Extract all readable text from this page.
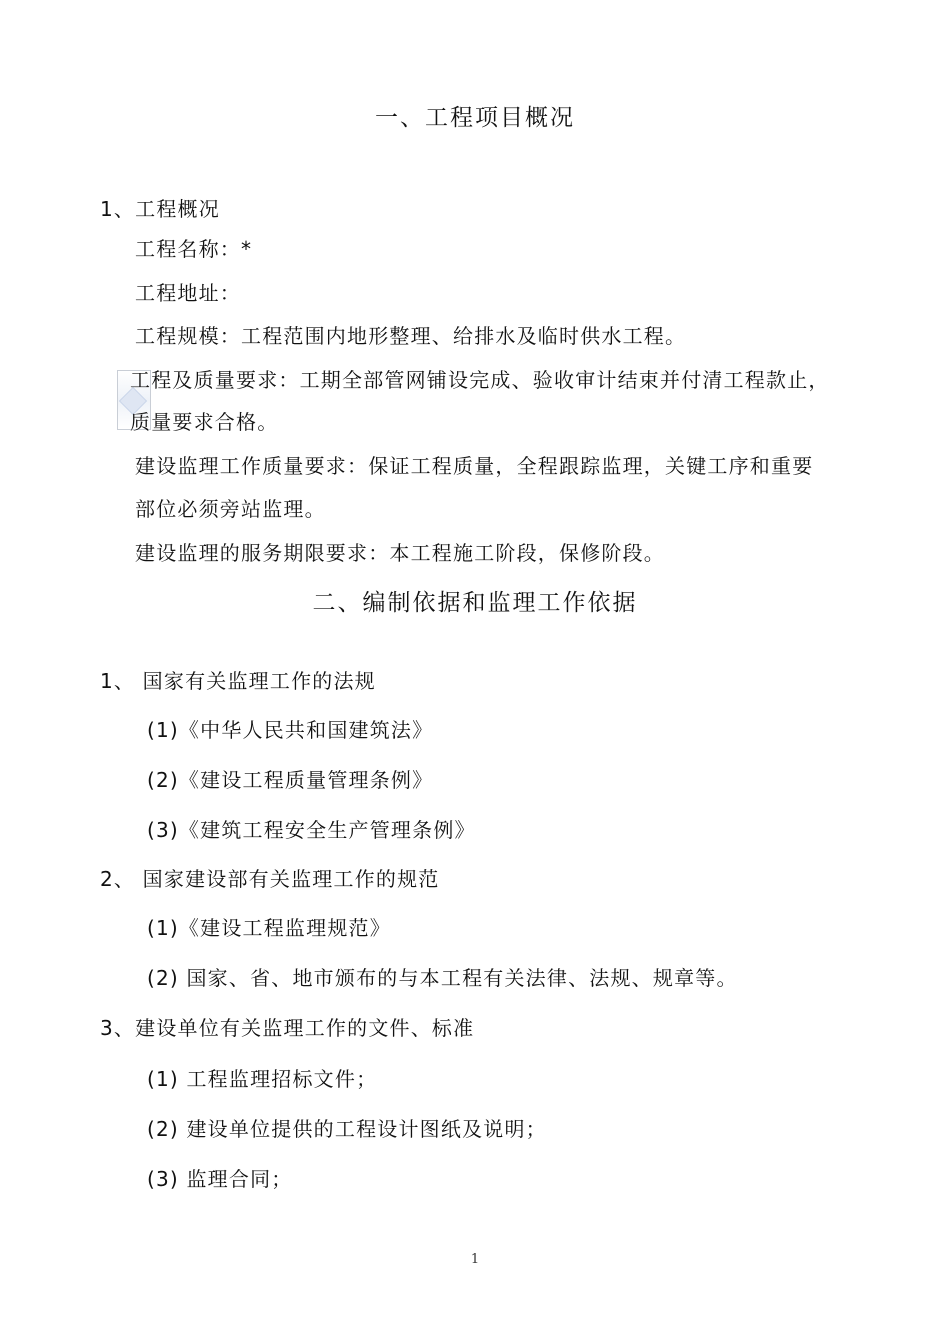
一、工程项目概况
1、工程概况
工程名称：*
工程地址：
工程规模：工程范围内地形整理、给排水及临时供水工程。
工程及质量要求：工期全部管网铺设完成、验收审计结束并付清工程款止，
质量要求合格。
建设监理工作质量要求：保证工程质量，全程跟踪监理，关键工序和重要
部位必须旁站监理。
建设监理的服务期限要求：本工程施工阶段，保修阶段。
二、编制依据和监理工作依据
1、 国家有关监理工作的法规
(1)《中华人民共和国建筑法》
(2)《建设工程质量管理条例》
(3)《建筑工程安全生产管理条例》
2、 国家建设部有关监理工作的规范
(1)《建设工程监理规范》
(2) 国家、省、地市颁布的与本工程有关法律、法规、规章等。
3、建设单位有关监理工作的文件、标准
(1) 工程监理招标文件；
(2) 建设单位提供的工程设计图纸及说明；
(3) 监理合同；
1
